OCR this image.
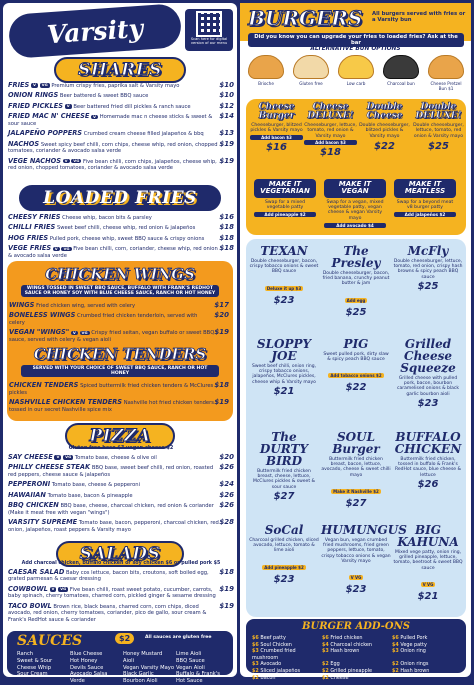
Varsity	Scan here for digital version of our menu
SHARES
$10
FRIES V VG Premium crispy fries, paprika salt & Varsity mayo
$10
ONION RINGS Beer battered & sweet BBQ sauce
$12
FRIED PICKLES V Beer battered fried dill pickles & ranch sauce
$14
FRIED MAC N' CHEESE V Homemade mac n cheese sticks & sweet & sour sauce
$13
JALAPEÑO POPPERS Crumbed cream cheese filled jalapeños & bbq
$19
NACHOS Sweet spicy beef chilli, corn chips, cheese whip, red onion, chopped tomatoes, coriander & avocado salsa verde
$19
VEGE NACHOS V VG Five bean chilli, corn chips, jalapeños, cheese whip, red onion, chopped tomatoes, coriander & avocado salsa verde
LOADED FRIES
$16
CHEESY FRIES Cheese whip, bacon bits & parsley
$18
CHILLI FRIES Sweet beef chilli, cheese whip, red onion & jalapeños
$18
HOG FRIES Pulled pork, cheese whip, sweet BBQ sauce & crispy onions
$18
VEGE FRIES V VG Five bean chilli, corn, coriander, cheese whip, red onion & avocado salsa verde
CHICKEN WINGS
WINGS TOSSED IN SWEET BBQ SAUCE, BUFFALO WITH FRANK'S REDHOT SAUCE OR HONEY SOY WITH BLUE CHEESE SAUCE, RANCH OR HOT HONEY
$17
WINGS Fried chicken wing, served with celery
$20
BONELESS WINGS Crumbed fried chicken tenderloin, served with celery
$19
VEGAN "WINGS" V VG Crispy fried seitan, vegan buffalo or sweet BBQ sauce, served with celery & vegan aioli
CHICKEN TENDERS
SERVED WITH YOUR CHOICE OF SWEET BBQ SAUCE, RANCH OR HOT HONEY
$18
CHICKEN TENDERS Spiced buttermilk fried chicken tenders & McClures pickles
$19
NASHVILLE CHICKEN TENDERS Nashville hot fried chicken tenders tossed in our secret Nashville spice mix
PIZZA
Gluten free base $3 vegan cheese $2
$20
SAY CHEESE V VG Tomato base, cheese & olive oil
$26
PHILLY CHEESE STEAK BBQ base, sweet beef chilli, red onion, roasted red peppers, cheese sauce & jalapeños
$24
PEPPERONI Tomato base, cheese & pepperoni
$26
HAWAIIAN Tomato base, bacon & pineapple
$26
BBQ CHICKEN BBQ base, cheese, charcoal chicken, red onion & coriander (Make it meat free with vegan "wings")
$28
VARSITY SUPREME Tomato base, bacon, pepperoni, charcoal chicken, red onion, jalapeños, roast peppers & Varsity mayo
SALADS
Add charcoal chicken, buffalo chicken or soy chicken $6 or pulled pork $5
$18
CAESAR SALAD Baby cos lettuce, bacon bits, croutons, soft boiled egg, grated parmesan & caesar dressing
$19
COWBOWL V VG Five bean chilli, roast sweet potato, cucumber, carrots, baby spinach, cherry tomatoes, charred corn, pickled ginger & sesame dressing
$19
TACO BOWL Brown rice, black beans, charred corn, corn chips, diced avocado, red onion, cherry tomatoes, coriander, pico de gallo, sour cream & Frank's RedHot sauce & coriander
SAUCES	$2	All sauces are gluten free
Ranch	Blue Cheese	Honey Mustard	Lime Aioli
Sweet & Sour	Hot Honey	Aioli	BBQ Sauce
Cheese Whip	Devils Sauce	Vegan Varsity Mayo Vegan Aioli
Sour Cream	Avocado Salsa Verde
Black Garlic Bourbon Aioli
Buffalo & Frank's Hot Sauce
BURGERS All burgers served with fries or a Varsity bun
Did you know you can upgrade your fries to loaded fries? Ask at the bar
ALTERNATIVE BUN OPTIONS
Brioche	Gluten free	Low carb	Charcoal bun	Cheese Pretzel Bun $1
Cheese Burger
Cheeseburger, blitzed pickles & Varsity mayo
Add bacon $3
$16
Cheese DELUXE!
Cheeseburger, lettuce, tomato, red onion & Varsity mayo
Add bacon $3
$18
Double Cheese
Double cheeseburger, blitzed pickles & Varsity mayo
$22
Double DELUXE!
Double cheeseburger, lettuce, tomato, red onion & Varsity mayo
$25
MAKE IT VEGETARIAN
Swap for a mixed vegetable patty
Add pineapple $2
MAKE IT VEGAN
Swap for a vegan, mixed vegetable patty, vegan cheese & vegan Varsity mayo
Add avocado $4
MAKE IT MEATLESS
Swap for a beyond meat v8 burger patty
Add jalapeños $2
TEXAN
Double cheeseburger, bacon, crispy tobacco onions & sweet BBQ sauce
Deluxe it up $3
$23
The Presley
Double cheeseburger, bacon, fried banana, crunchy peanut butter & jam
Add egg
$25
McFly
Double cheeseburger, lettuce, tomato, red onion, crispy hash browns & spicy peach BBQ sauce
$25
SLOPPY JOE
Sweet beef chilli, onion ring, crispy tobacco onions, jalapeños, McClures pickles, cheese whip & Varsity mayo
$21
PIG
Sweet pulled pork, dirty slaw & spicy peach BBQ sauce
Add tobacco onions $2
$22
Grilled Cheese Squeeze
Grilled cheese with pulled pork, bacon, bourbon caramelised onions & black garlic bourbon aioli
$23
The DURTY BIRD
Buttermilk fried chicken breast, cheese, lettuce, McClures pickles & sweet & sour sauce
$27
SOUL Burger
Buttermilk fried chicken breast, bacon, lettuce, avocado, cheese & sweet chilli mayo
Make it Nashville $2
$27
BUFFALO CHICKEN
Buttermilk fried chicken, tossed in buffalo & Frank's RedHot sauce, blue cheese & lettuce
$26
SoCal
Charcoal grilled chicken, sliced avocado, lettuce, tomato & lime aioli
Add pineapple $2
$23
HUMUNGUS
Vegan bun, vegan crumbed fried mushrooms, fried green peppers, lettuce, tomato, crispy tobacco onions & vegan Varsity mayo
V VG
$23
BIG KAHUNA
Mixed vege patty, onion ring, grilled pineapple, lettuce, tomato, beetroot & sweet BBQ sauce
V VG
$21
BURGER ADD-ONS
$6 Beef patty	$6 Fried chicken	$6 Pulled Pork
$6 Soul Chicken	$4 Charcoal chicken	$4 Vege patty
$3 Crumbed fried mushroom
$3 Hash brown	$3 Onion ring
$3 Avocado	$2 Egg	$2 Onion rings
$2 Sliced jalapeños	$2 Grilled pineapple	$2 Hash brown
$2 Bacon	$2 Cheese
